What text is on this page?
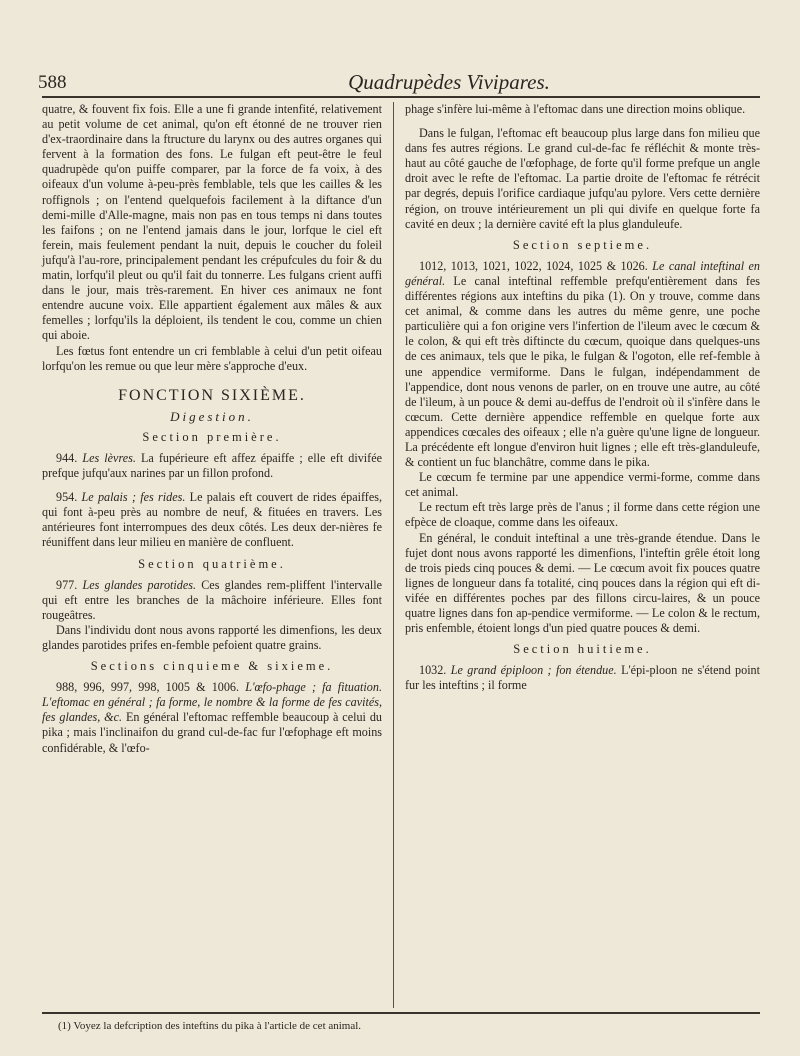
588	Quadrupèdes Vivipares.

quatre, & fouvent fix fois. Elle a une fi grande intenfité, relativement au petit volume de cet animal, qu'on eft étonné de ne trouver rien d'ex-traordinaire dans la ftructure du larynx ou des autres organes qui fervent à la formation des fons. Le fulgan eft peut-être le feul quadrupède qu'on puiffe comparer, par la force de fa voix, à des oifeaux d'un volume à-peu-près femblable, tels que les cailles & les roffignols ; on l'entend quelquefois facilement à la diftance d'un demi-mille d'Alle-magne, mais non pas en tous temps ni dans toutes les faifons ; on ne l'entend jamais dans le jour, lorfque le ciel eft ferein, mais feulement pendant la nuit, depuis le coucher du foleil jufqu'à l'au-rore, principalement pendant les crépufcules du foir & du matin, lorfqu'il pleut ou qu'il fait du tonnerre. Les fulgans crient auffi dans le jour, mais très-rarement. En hiver ces animaux ne font entendre aucune voix. Elle appartient également aux mâles & aux femelles ; lorfqu'ils la déploient, ils tendent le cou, comme un chien qui aboie.

Les fœtus font entendre un cri femblable à celui d'un petit oifeau lorfqu'on les remue ou que leur mère s'approche d'eux.

FONCTION SIXIÈME.
Digestion.
Section première.

944. Les lèvres. La fupérieure eft affez épaiffe ; elle eft divifée prefque jufqu'aux narines par un fillon profond.

954. Le palais ; fes rides. Le palais eft couvert de rides épaiffes, qui font à-peu près au nombre de neuf, & fituées en travers. Les antérieures font interrompues des deux côtés. Les deux der-nières fe réuniffent dans leur milieu en manière de confluent.

Section quatrième.

977. Les glandes parotides. Ces glandes rem-pliffent l'intervalle qui eft entre les branches de la mâchoire inférieure. Elles font rougeâtres.

Dans l'individu dont nous avons rapporté les dimenfions, les deux glandes parotides prifes en-femble pefoient quatre grains.

Sections cinquieme & sixieme.

988, 996, 997, 998, 1005 & 1006. L'œfo-phage ; fa fituation. L'eftomac en général ; fa forme, le nombre & la forme de fes cavités, fes glandes, &c. En général l'eftomac reffemble beaucoup à celui du pika ; mais l'inclinaifon du grand cul-de-fac fur l'œfophage eft moins confidérable, & l'œfo-

phage s'infère lui-même à l'eftomac dans une direction moins oblique.

Dans le fulgan, l'eftomac eft beaucoup plus large dans fon milieu que dans fes autres régions. Le grand cul-de-fac fe réfléchit & monte très-haut au côté gauche de l'œfophage, de forte qu'il forme prefque un angle droit avec le refte de l'eftomac. La partie droite de l'eftomac fe rétrécit par degrés, depuis l'orifice cardiaque jufqu'au pylore. Vers cette dernière région, on trouve intérieurement un pli qui divife en quelque forte fa cavité en deux ; la dernière cavité eft la plus glanduleufe.

Section septieme.

1012, 1013, 1021, 1022, 1024, 1025 & 1026. Le canal inteftinal en général. Le canal inteftinal reffemble prefqu'entièrement dans fes différentes régions aux inteftins du pika (1). On y trouve, comme dans cet animal, & comme dans les autres du même genre, une poche particulière qui a fon origine vers l'infertion de l'ileum avec le cœcum & le colon, & qui eft très diftincte du cœcum, quoique dans quelques-uns de ces animaux, tels que le pika, le fulgan & l'ogoton, elle ref-femble à une appendice vermiforme. Dans le fulgan, indépendamment de l'appendice, dont nous venons de parler, on en trouve une autre, au côté de l'ileum, à un pouce & demi au-deffus de l'endroit où il s'infère dans le cœcum. Cette dernière appendice reffemble en quelque forte aux appendices cœcales des oifeaux ; elle n'a guère qu'une ligne de longueur. La précédente eft longue d'environ huit lignes ; elle eft très-glanduleufe, & contient un fuc blanchâtre, comme dans le pika.

Le cœcum fe termine par une appendice vermi-forme, comme dans cet animal.

Le rectum eft très large près de l'anus ; il forme dans cette région une efpèce de cloaque, comme dans les oifeaux.

En général, le conduit inteftinal a une très-grande étendue. Dans le fujet dont nous avons rapporté les dimenfions, l'inteftin grêle étoit long de trois pieds cinq pouces & demi. — Le cœcum avoit fix pouces quatre lignes de longueur dans fa totalité, cinq pouces dans la région qui eft di-vifée en différentes poches par des fillons circu-laires, & un pouce quatre lignes dans fon ap-pendice vermiforme. — Le colon & le rectum, pris enfemble, étoient longs d'un pied quatre pouces & demi.

Section huitieme.

1032. Le grand épiploon ; fon étendue. L'épi-ploon ne s'étend point fur les inteftins ; il forme

(1) Voyez la defcription des inteftins du pika à l'article de cet animal.
